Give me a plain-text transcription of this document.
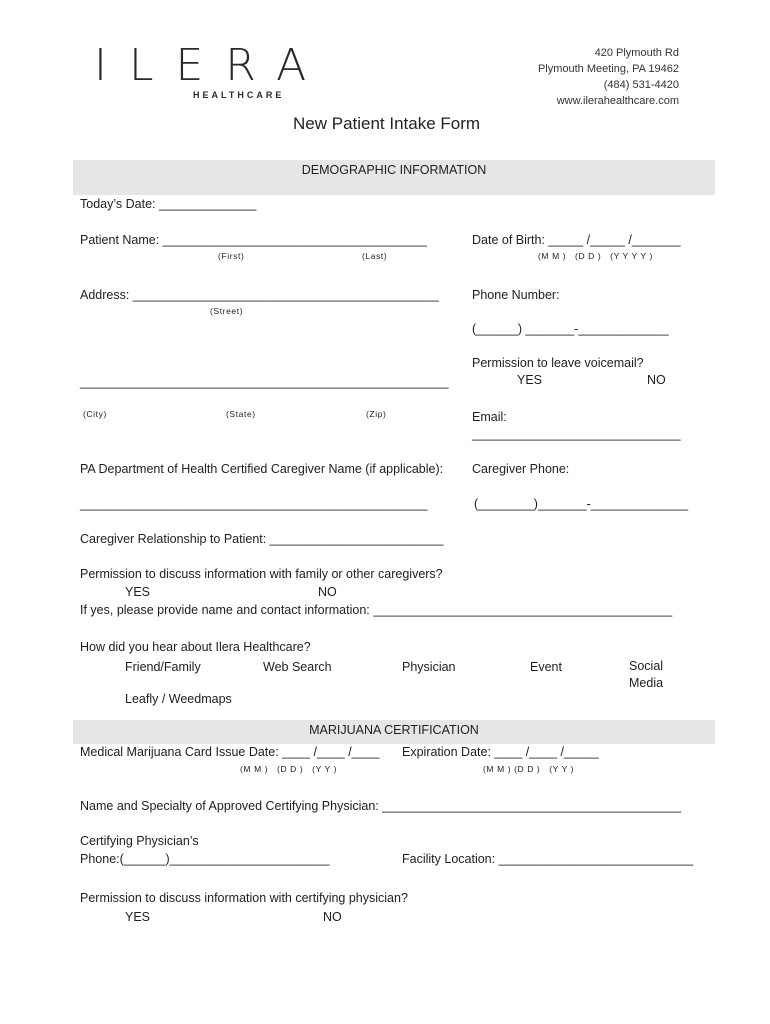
ILERA
HEALTHCARE
420 Plymouth Rd
Plymouth Meeting, PA 19462
(484) 531-4420
www.ilerahealthcare.com
New Patient Intake Form
DEMOGRAPHIC INFORMATION
Today’s Date: ______________
Patient Name: ______________________________________
(First)	(Last)
Date of Birth: _____ /_____ /_______
(M M )   (D D )   (Y Y Y Y )
Address: ____________________________________________
(Street)
Phone Number:
(______) _______-_____________
Permission to leave voicemail?
YES	NO
_____________________________________________________
(City)	(State)	(Zip)	Email:
______________________________
PA Department of Health Certified Caregiver Name (if applicable): Caregiver Phone:
__________________________________________________	(________)_______-______________
Caregiver Relationship to Patient: _________________________
Permission to discuss information with family or other caregivers?
YES	NO
If yes, please provide name and contact information: ___________________________________________
How did you hear about Ilera Healthcare?
Friend/Family	Web Search	Physician	Event	Social
Media
Leafly / Weedmaps
MARIJUANA CERTIFICATION
Medical Marijuana Card Issue Date: ____ /____ /____
(M M )   (D D )   (Y Y )
Expiration Date: ____ /____ /_____
(M M ) (D D )   (Y Y )
Name and Specialty of Approved Certifying Physician: ___________________________________________
Certifying Physician’s
Phone:(______)_______________________	Facility Location: ____________________________
Permission to discuss information with certifying physician?
YES	NO
